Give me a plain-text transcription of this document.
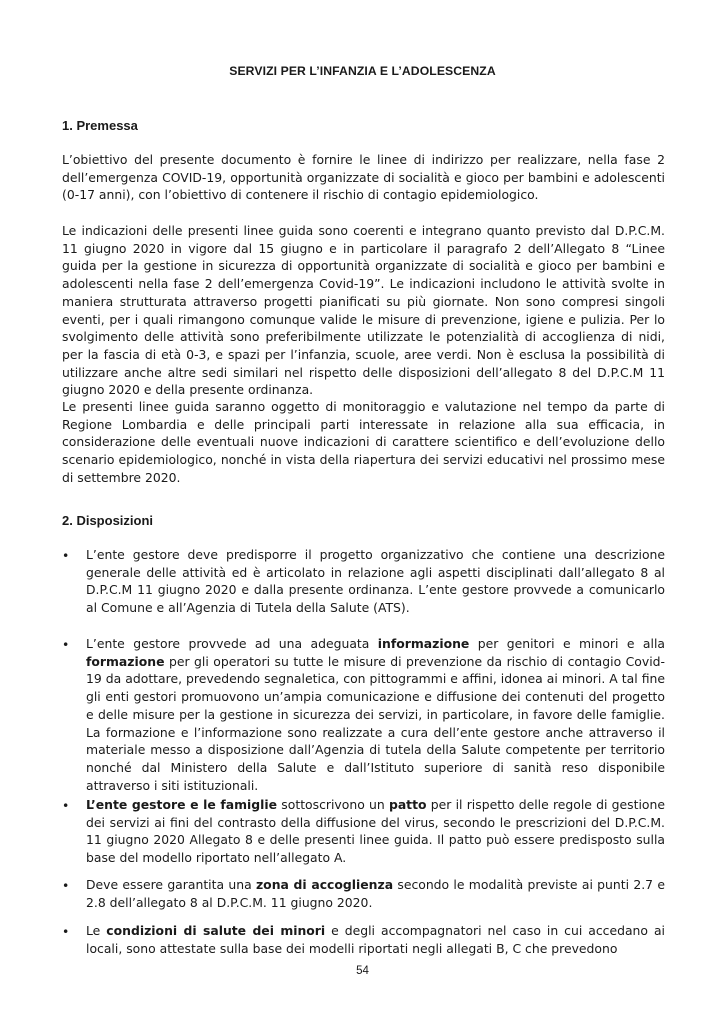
SERVIZI PER L’INFANZIA E L’ADOLESCENZA
1. Premessa

L’obiettivo del presente documento è fornire le linee di indirizzo per realizzare, nella fase 2 dell’emergenza COVID-19, opportunità organizzate di socialità e gioco per bambini e adolescenti (0-17 anni), con l’obiettivo di contenere il rischio di contagio epidemiologico.

Le indicazioni delle presenti linee guida sono coerenti e integrano quanto previsto dal D.P.C.M. 11 giugno 2020 in vigore dal 15 giugno e in particolare il paragrafo 2 dell’Allegato 8 “Linee guida per la gestione in sicurezza di opportunità organizzate di socialità e gioco per bambini e adolescenti nella fase 2 dell’emergenza Covid-19”. Le indicazioni includono le attività svolte in maniera strutturata attraverso progetti pianificati su più giornate. Non sono compresi singoli eventi, per i quali rimangono comunque valide le misure di prevenzione, igiene e pulizia. Per lo svolgimento delle attività sono preferibilmente utilizzate le potenzialità di accoglienza di nidi, per la fascia di età 0-3, e spazi per l’infanzia, scuole, aree verdi. Non è esclusa la possibilità di utilizzare anche altre sedi similari nel rispetto delle disposizioni dell’allegato 8 del D.P.C.M 11 giugno 2020 e della presente ordinanza.

Le presenti linee guida saranno oggetto di monitoraggio e valutazione nel tempo da parte di Regione Lombardia e delle principali parti interessate in relazione alla sua efficacia, in considerazione delle eventuali nuove indicazioni di carattere scientifico e dell’evoluzione dello scenario epidemiologico, nonché in vista della riapertura dei servizi educativi nel prossimo mese di settembre 2020.

2. Disposizioni
• L’ente gestore deve predisporre il progetto organizzativo che contiene una descrizione generale delle attività ed è articolato in relazione agli aspetti disciplinati dall’allegato 8 al D.P.C.M 11 giugno 2020 e dalla presente ordinanza. L’ente gestore provvede a comunicarlo al Comune e all’Agenzia di Tutela della Salute (ATS).

• L’ente gestore provvede ad una adeguata informazione per genitori e minori e alla formazione per gli operatori su tutte le misure di prevenzione da rischio di contagio Covid-19 da adottare, prevedendo segnaletica, con pittogrammi e affini, idonea ai minori. A tal fine gli enti gestori promuovono un’ampia comunicazione e diffusione dei contenuti del progetto e delle misure per la gestione in sicurezza dei servizi, in particolare, in favore delle famiglie. La formazione e l’informazione sono realizzate a cura dell’ente gestore anche attraverso il materiale messo a disposizione dall’Agenzia di tutela della Salute competente per territorio nonché dal Ministero della Salute e dall’Istituto superiore di sanità reso disponibile attraverso i siti istituzionali.

• L’ente gestore e le famiglie sottoscrivono un patto per il rispetto delle regole di gestione dei servizi ai fini del contrasto della diffusione del virus, secondo le prescrizioni del D.P.C.M. 11 giugno 2020 Allegato 8 e delle presenti linee guida. Il patto può essere predisposto sulla base del modello riportato nell’allegato A.

• Deve essere garantita una zona di accoglienza secondo le modalità previste ai punti 2.7 e 2.8 dell’allegato 8 al D.P.C.M. 11 giugno 2020.

• Le condizioni di salute dei minori e degli accompagnatori nel caso in cui accedano ai locali, sono attestate sulla base dei modelli riportati negli allegati B, C che prevedono

54
